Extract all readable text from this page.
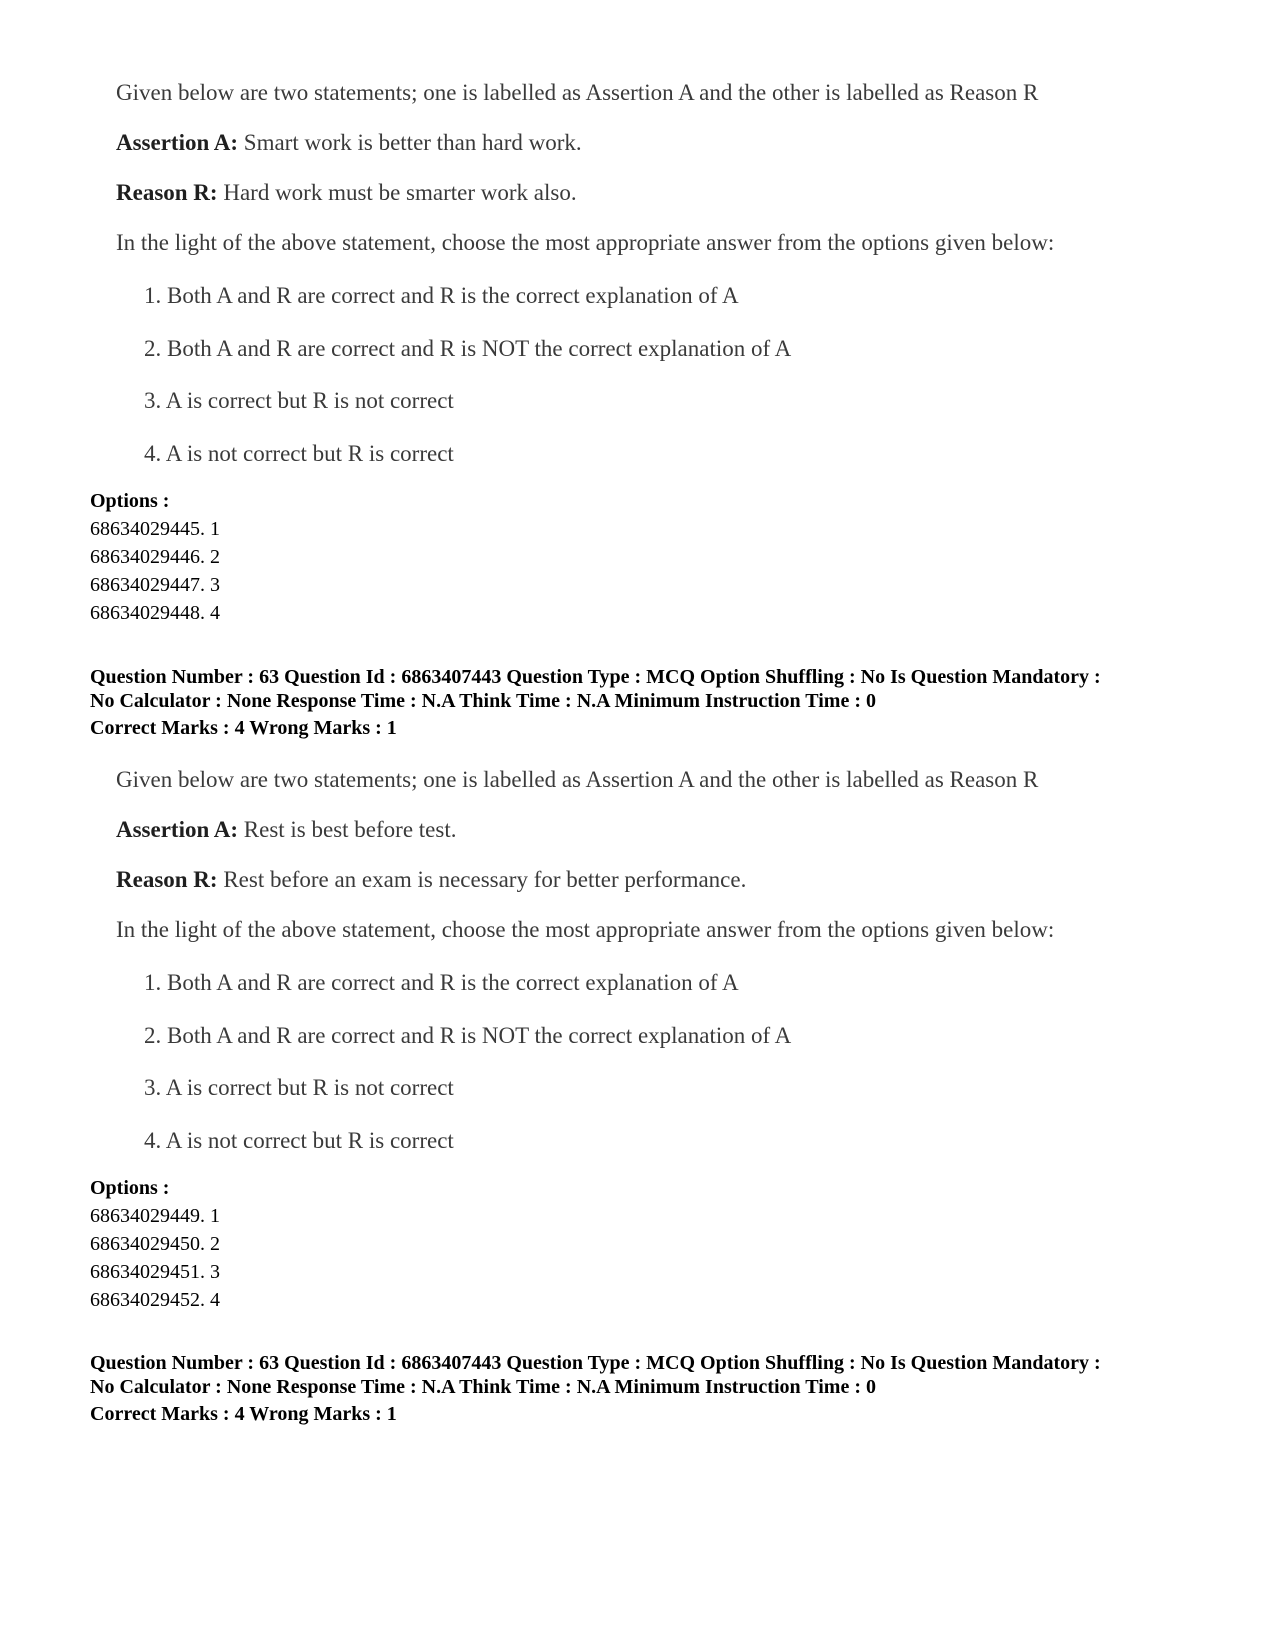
Given below are two statements; one is labelled as Assertion A and the other is labelled as Reason R
Assertion A: Smart work is better than hard work.
Reason R: Hard work must be smarter work also.
In the light of the above statement, choose the most appropriate answer from the options given below:
1. Both A and R are correct and R is the correct explanation of A
2. Both A and R are correct and R is NOT the correct explanation of A
3. A is correct but R is not correct
4. A is not correct but R is correct
Options :
68634029445. 1
68634029446. 2
68634029447. 3
68634029448. 4
Question Number : 63 Question Id : 6863407443 Question Type : MCQ Option Shuffling : No Is Question Mandatory :
No Calculator : None Response Time : N.A Think Time : N.A Minimum Instruction Time : 0
Correct Marks : 4 Wrong Marks : 1
Given below are two statements; one is labelled as Assertion A and the other is labelled as Reason R
Assertion A: Rest is best before test.
Reason R: Rest before an exam is necessary for better performance.
In the light of the above statement, choose the most appropriate answer from the options given below:
1. Both A and R are correct and R is the correct explanation of A
2. Both A and R are correct and R is NOT the correct explanation of A
3. A is correct but R is not correct
4. A is not correct but R is correct
Options :
68634029449. 1
68634029450. 2
68634029451. 3
68634029452. 4
Question Number : 63 Question Id : 6863407443 Question Type : MCQ Option Shuffling : No Is Question Mandatory :
No Calculator : None Response Time : N.A Think Time : N.A Minimum Instruction Time : 0
Correct Marks : 4 Wrong Marks : 1
